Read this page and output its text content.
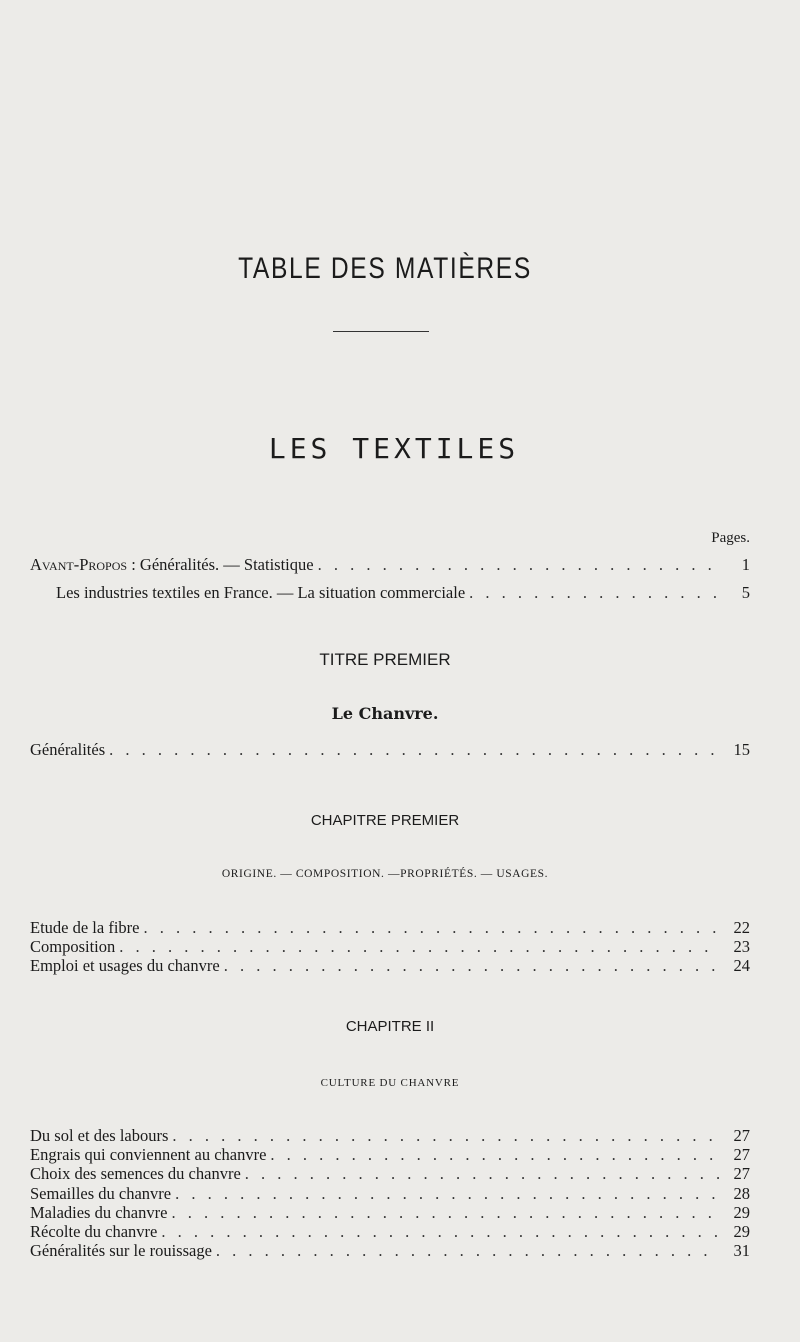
TABLE DES MATIÈRES
LES TEXTILES
Pages.
Avant-Propos : Généralités. — Statistique . . .	1
Les industries textiles en France. — La situation commerciale . . .	5
TITRE PREMIER
Le Chanvre.
Généralités . . .	15
CHAPITRE PREMIER
ORIGINE. — COMPOSITION. —PROPRIÉTÉS. — USAGES.
Etude de la fibre . . .	22
Composition . . .	23
Emploi et usages du chanvre . . .	24
CHAPITRE II
CULTURE DU CHANVRE
Du sol et des labours . . .	27
Engrais qui conviennent au chanvre . . .	27
Choix des semences du chanvre . . .	27
Semailles du chanvre . . .	28
Maladies du chanvre . . .	29
Récolte du chanvre . . .	29
Généralités sur le rouissage . . .	31
